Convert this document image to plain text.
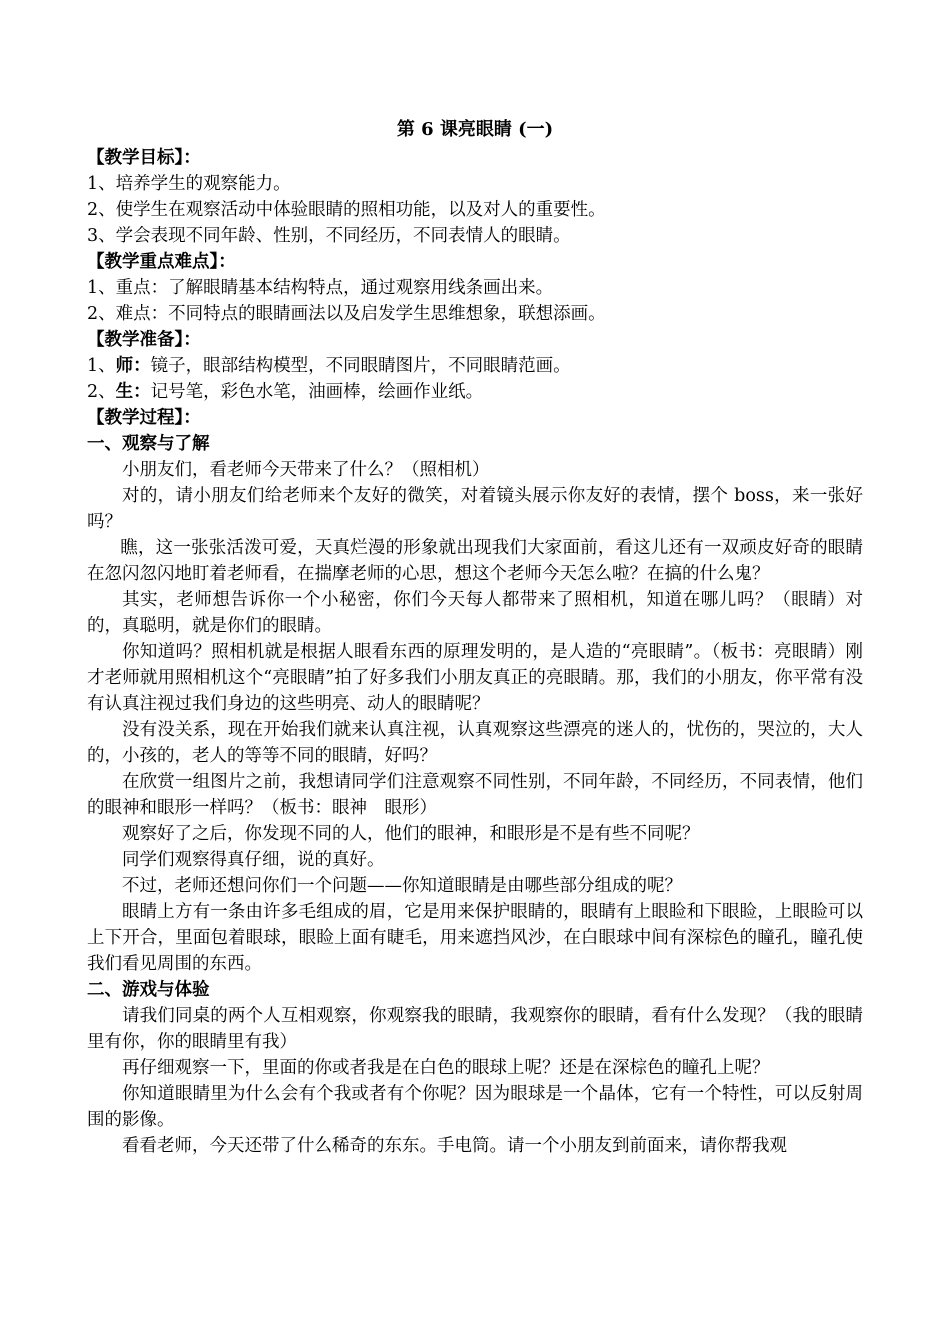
第 6 课亮眼睛 (一)

【教学目标】：

1、培养学生的观察能力。

2、使学生在观察活动中体验眼睛的照相功能，以及对人的重要性。

3、学会表现不同年龄、性别，不同经历，不同表情人的眼睛。

【教学重点难点】：

1、重点：了解眼睛基本结构特点，通过观察用线条画出来。

2、难点：不同特点的眼睛画法以及启发学生思维想象，联想添画。

【教学准备】：

1、师：镜子，眼部结构模型，不同眼睛图片，不同眼睛范画。

2、生：记号笔，彩色水笔，油画棒，绘画作业纸。

【教学过程】：

一、观察与了解

小朋友们，看老师今天带来了什么？（照相机）

对的，请小朋友们给老师来个友好的微笑，对着镜头展示你友好的表情，摆个 boss，来一张好吗？

瞧，这一张张活泼可爱，天真烂漫的形象就出现我们大家面前，看这儿还有一双顽皮好奇的眼睛在忽闪忽闪地盯着老师看，在揣摩老师的心思，想这个老师今天怎么啦？在搞的什么鬼？

其实，老师想告诉你一个小秘密，你们今天每人都带来了照相机，知道在哪儿吗？（眼睛）对的，真聪明，就是你们的眼睛。

你知道吗？照相机就是根据人眼看东西的原理发明的，是人造的“亮眼睛”。（板书：亮眼睛）刚才老师就用照相机这个“亮眼睛”拍了好多我们小朋友真正的亮眼睛。那，我们的小朋友，你平常有没有认真注视过我们身边的这些明亮、动人的眼睛呢？

没有没关系，现在开始我们就来认真注视，认真观察这些漂亮的迷人的，忧伤的，哭泣的，大人的，小孩的，老人的等等不同的眼睛，好吗？

在欣赏一组图片之前，我想请同学们注意观察不同性别，不同年龄，不同经历，不同表情，他们的眼神和眼形一样吗？（板书：眼神　眼形）

观察好了之后，你发现不同的人，他们的眼神，和眼形是不是有些不同呢？

同学们观察得真仔细，说的真好。

不过，老师还想问你们一个问题——你知道眼睛是由哪些部分组成的呢？

眼睛上方有一条由许多毛组成的眉，它是用来保护眼睛的，眼睛有上眼睑和下眼睑，上眼睑可以上下开合，里面包着眼球，眼睑上面有睫毛，用来遮挡风沙，在白眼球中间有深棕色的瞳孔，瞳孔使我们看见周围的东西。

二、游戏与体验

请我们同桌的两个人互相观察，你观察我的眼睛，我观察你的眼睛，看有什么发现？（我的眼睛里有你，你的眼睛里有我）

再仔细观察一下，里面的你或者我是在白色的眼球上呢？还是在深棕色的瞳孔上呢？

你知道眼睛里为什么会有个我或者有个你呢？因为眼球是一个晶体，它有一个特性，可以反射周围的影像。

看看老师，今天还带了什么稀奇的东东。手电筒。请一个小朋友到前面来，请你帮我观
